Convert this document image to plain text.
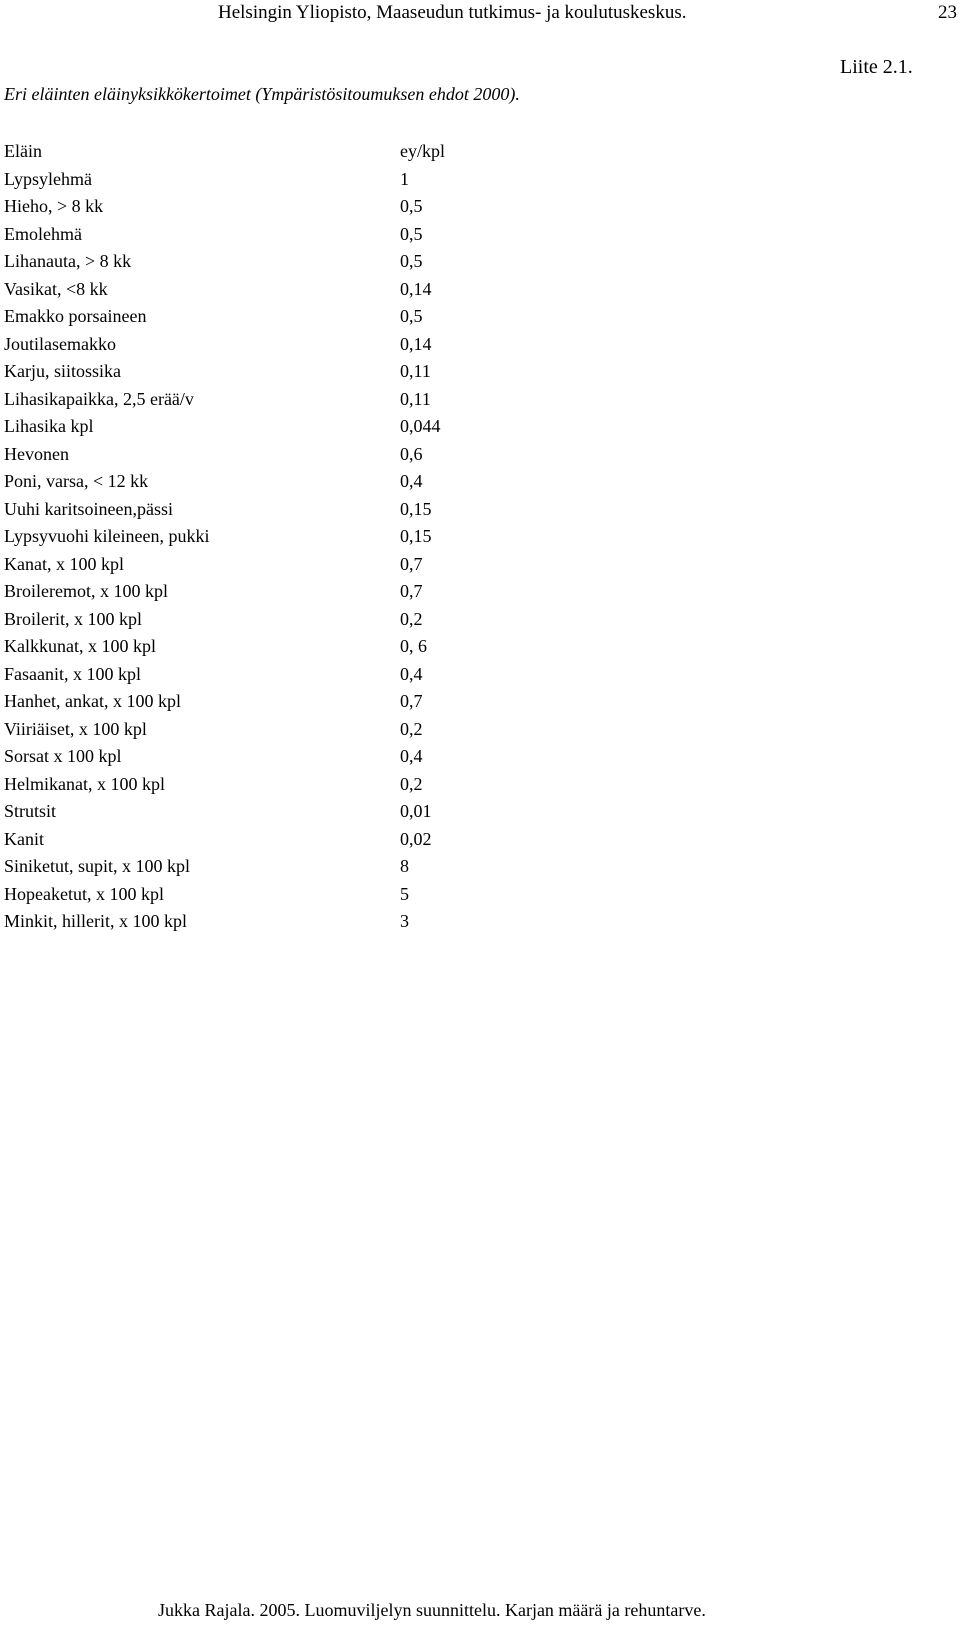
Helsingin Yliopisto, Maaseudun tutkimus- ja koulutuskeskus.	23
Liite 2.1.
Eri eläinten eläinyksikkökertoimet (Ympäristösitoumuksen ehdot 2000).
Eläin	ey/kpl
Lypsylehmä	1
Hieho, > 8 kk	0,5
Emolehmä	0,5
Lihanauta, > 8 kk	0,5
Vasikat, <8 kk	0,14
Emakko porsaineen	0,5
Joutilasemakko	0,14
Karju, siitossika	0,11
Lihasikapaikka, 2,5 erää/v	0,11
Lihasika kpl	0,044
Hevonen	0,6
Poni, varsa, < 12 kk	0,4
Uuhi karitsoineen,pässi	0,15
Lypsyvuohi kileineen, pukki	0,15
Kanat, x 100 kpl	0,7
Broileremot, x 100 kpl	0,7
Broilerit, x 100 kpl	0,2
Kalkkunat, x 100 kpl	0, 6
Fasaanit, x 100 kpl	0,4
Hanhet, ankat, x 100 kpl	0,7
Viiriäiset, x 100 kpl	0,2
Sorsat x 100 kpl	0,4
Helmikanat, x 100 kpl	0,2
Strutsit	0,01
Kanit	0,02
Siniketut, supit, x 100 kpl	8
Hopeaketut, x 100 kpl	5
Minkit, hillerit, x 100 kpl	3
Jukka Rajala. 2005. Luomuviljelyn suunnittelu. Karjan määrä ja rehuntarve.
